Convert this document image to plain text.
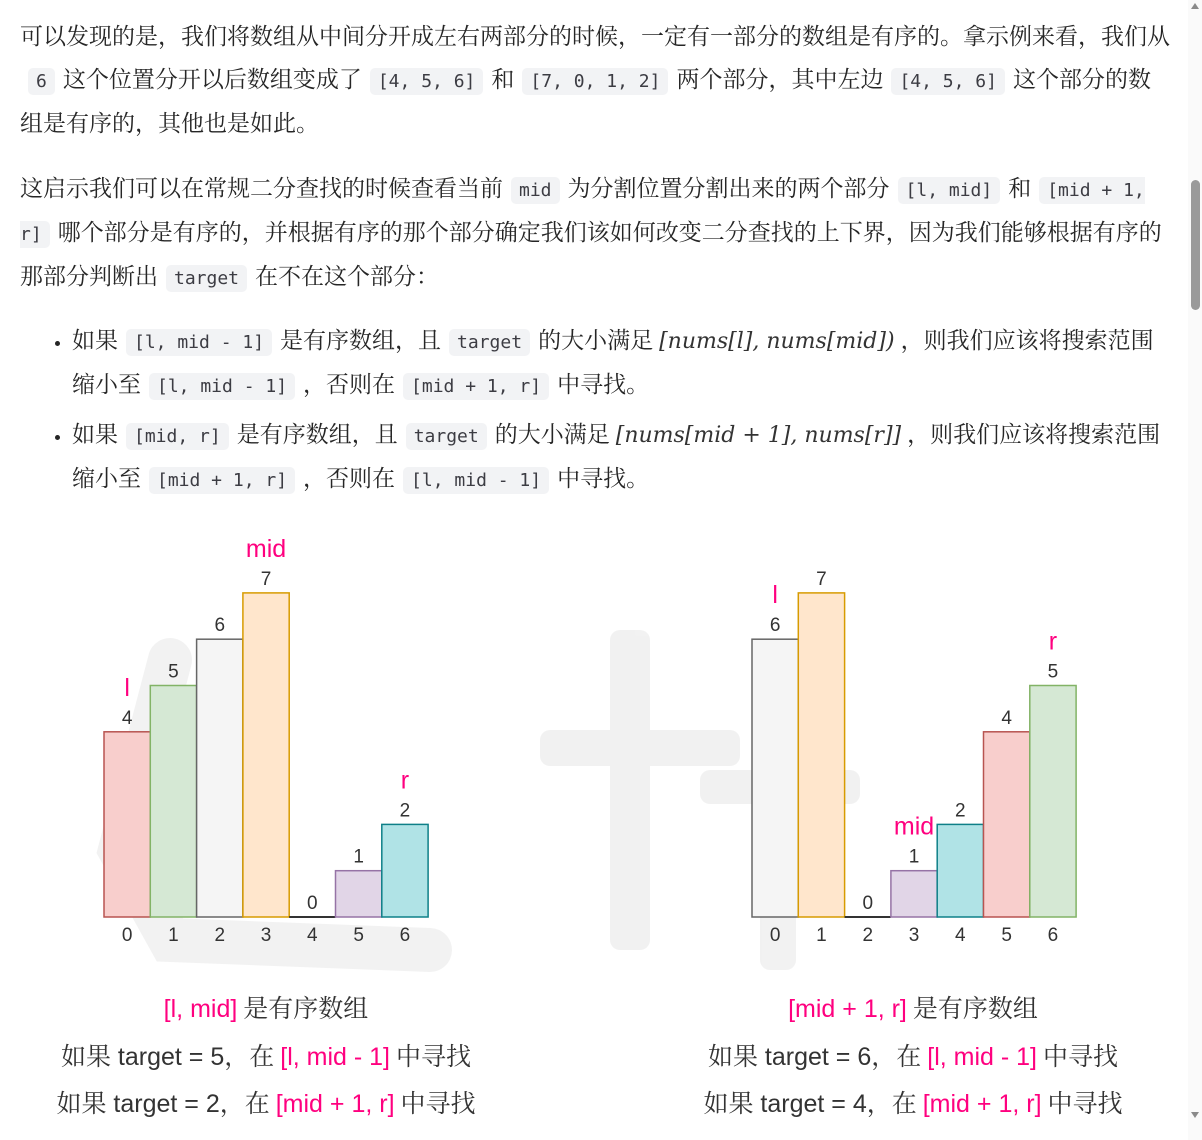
可以发现的是，我们将数组从中间分开成左右两部分的时候，一定有一部分的数组是有序的。拿示例来看，我们从6 这个位置分开以后数组变成了 [4, 5, 6] 和 [7, 0, 1, 2] 两个部分，其中左边 [4, 5, 6] 这个部分的数组是有序的，其他也是如此。

这启示我们可以在常规二分查找的时候查看当前 mid 为分割位置分割出来的两个部分 [l, mid] 和 [mid + 1, r] 哪个部分是有序的，并根据有序的那个部分确定我们该如何改变二分查找的上下界，因为我们能够根据有序的那部分判断出 target 在不在这个部分：

• 如果 [l, mid - 1] 是有序数组，且 target 的大小满足 [nums[l], nums[mid]) ，则我们应该将搜索范围缩小至 [l, mid - 1] ，否则在 [mid + 1, r] 中寻找。
• 如果 [mid, r] 是有序数组，且 target 的大小满足 [nums[mid + 1], nums[r]] ，则我们应该将搜索范围缩小至 [mid + 1, r] ，否则在 [l, mid - 1] 中寻找。
4
0
5
1
6
2
7
3
0
4
1
5
2
6
l
mid
r
[l, mid] 是有序数组
如果 target = 5，在 [l, mid - 1] 中寻找
如果 target = 2，在 [mid + 1, r] 中寻找
6
0
7
1
0
2
1
3
2
4
4
5
5
6
l
mid
r
[mid + 1, r] 是有序数组
如果 target = 6，在 [l, mid - 1] 中寻找
如果 target = 4，在 [mid + 1, r] 中寻找
